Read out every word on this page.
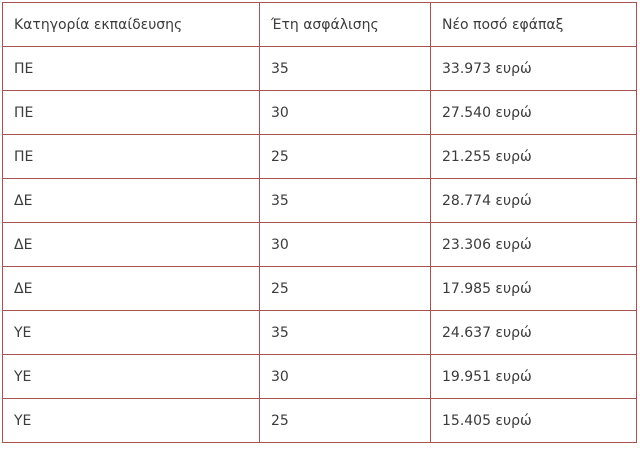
Κατηγορία εκπαίδευσης	Έτη ασφάλισης	Νέο ποσό εφάπαξ
ΠΕ	35	33.973 ευρώ
ΠΕ	30	27.540 ευρώ
ΠΕ	25	21.255 ευρώ
ΔΕ	35	28.774 ευρώ
ΔΕ	30	23.306 ευρώ
ΔΕ	25	17.985 ευρώ
ΥΕ	35	24.637 ευρώ
ΥΕ	30	19.951 ευρώ
ΥΕ	25	15.405 ευρώ
